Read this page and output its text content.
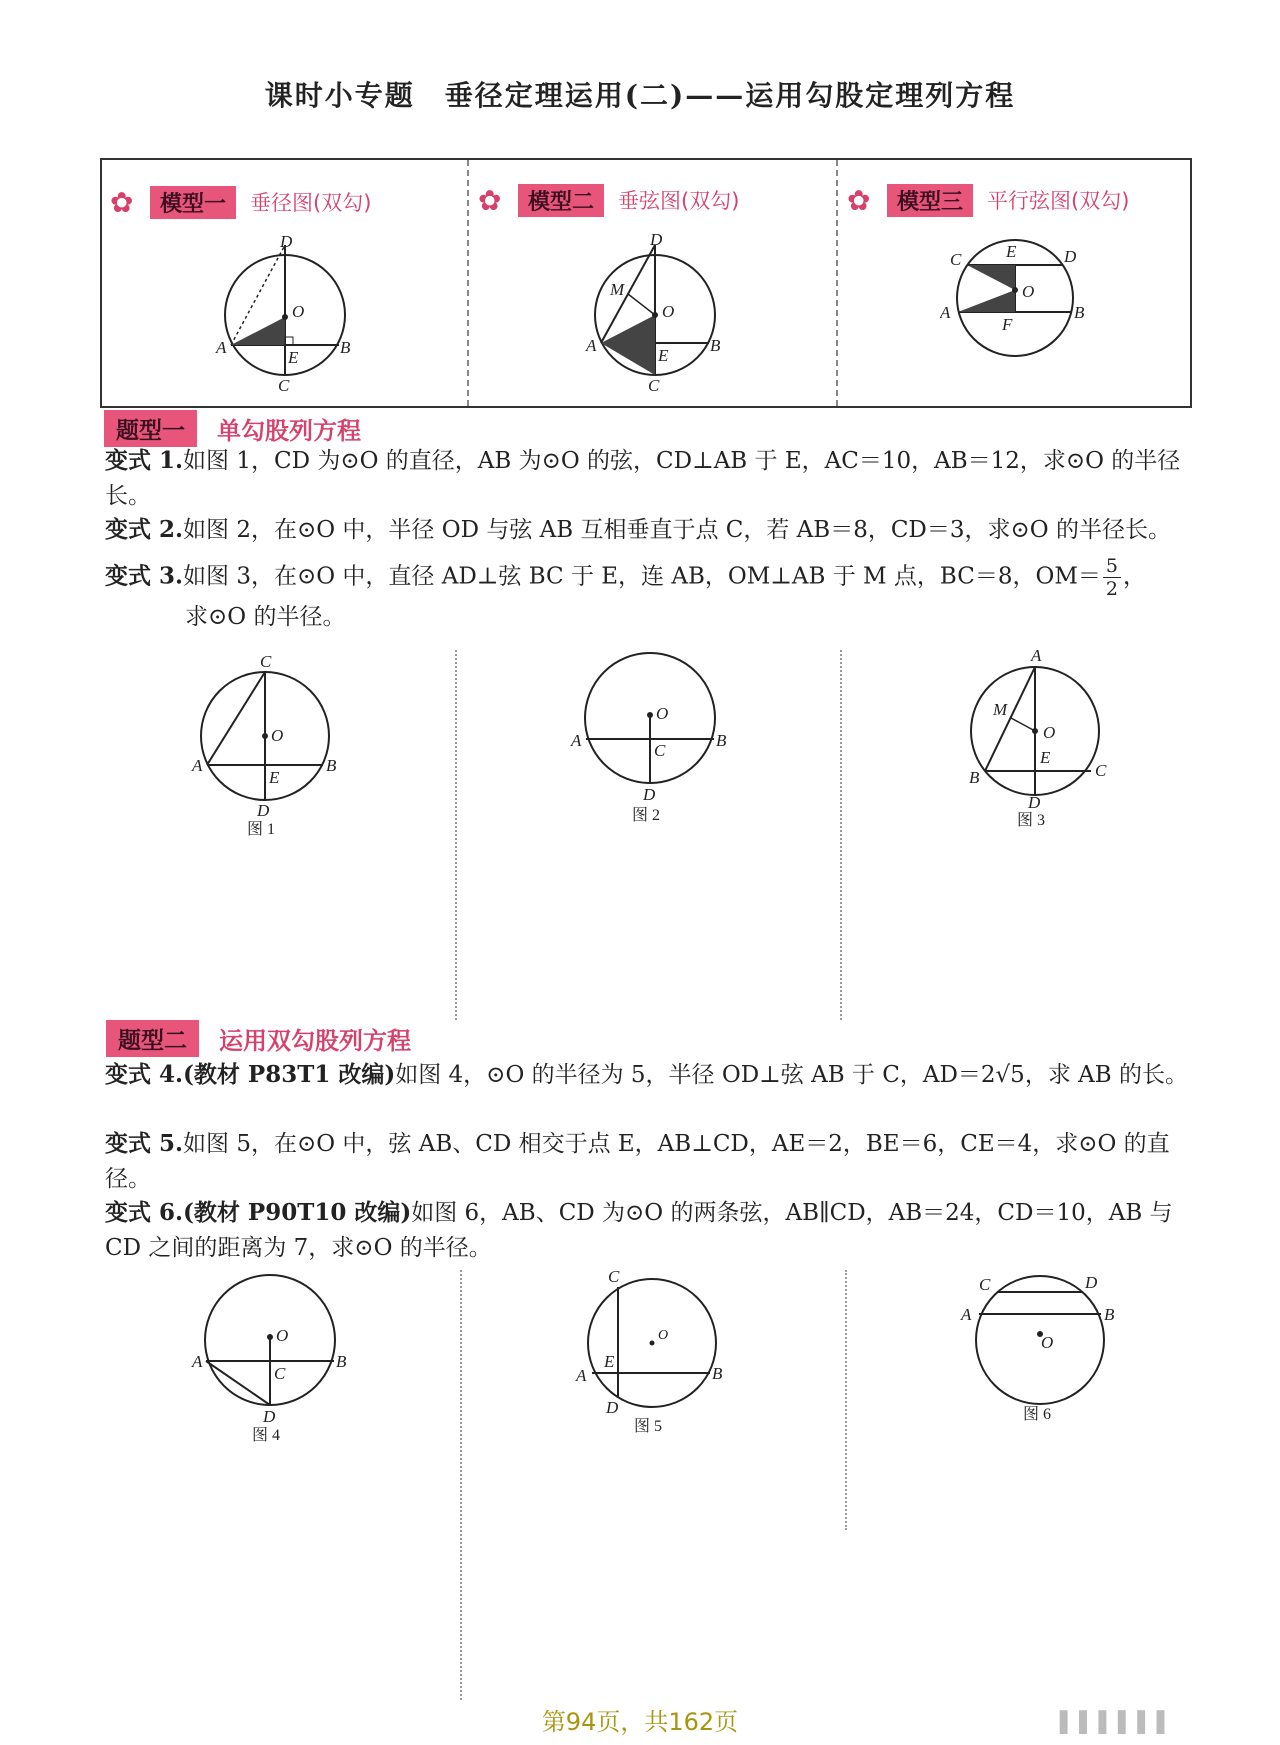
课时小专题　垂径定理运用(二)——运用勾股定理列方程
✿	模型一	垂径图(双勾)
D
O
A
E
B
C
✿	模型二	垂弦图(双勾)
D
M
O
A
E
B
C
✿	模型三	平行弦图(双勾)
C	E	D
O
A
F
B
题型一	单勾股列方程
变式 1.如图 1，CD 为⊙O 的直径，AB 为⊙O 的弦，CD⊥AB 于 E，AC＝10，AB＝12，求⊙O 的半径长。
变式 2.如图 2，在⊙O 中，半径 OD 与弦 AB 互相垂直于点 C，若 AB＝8，CD＝3，求⊙O 的半径长。
变式 3.如图 3，在⊙O 中，直径 AD⊥弦 BC 于 E，连 AB，OM⊥AB 于 M 点，BC＝8，$OM= \frac{5}{2}$ ，
求⊙O 的半径。
C
O
A
E
B
D
图 1
O
A
C
B
D
图 2
A
M
O
E
B	C
D
图 3
题型二	运用双勾股列方程
变式 4.(教材 P83T1 改编)如图 4，⊙O 的半径为 5，半径 OD⊥弦 AB 于 C，AD＝2√5，求 AB 的长。
变式 5.如图 5，在⊙O 中，弦 AB、CD 相交于点 E，AB⊥CD，AE＝2，BE＝6，CE＝4，求⊙O 的直径。
变式 6.(教材 P90T10 改编)如图 6，AB、CD 为⊙O 的两条弦，AB∥CD，AB＝24，CD＝10，AB 与 CD 之间的距离为 7，求⊙O 的半径。
O
A
C
B
D
图 4
C
O
E
A	B
D
图 5
C	D
A	B
O
图 6
第94页，共162页	▌▌▌▌▌▌
